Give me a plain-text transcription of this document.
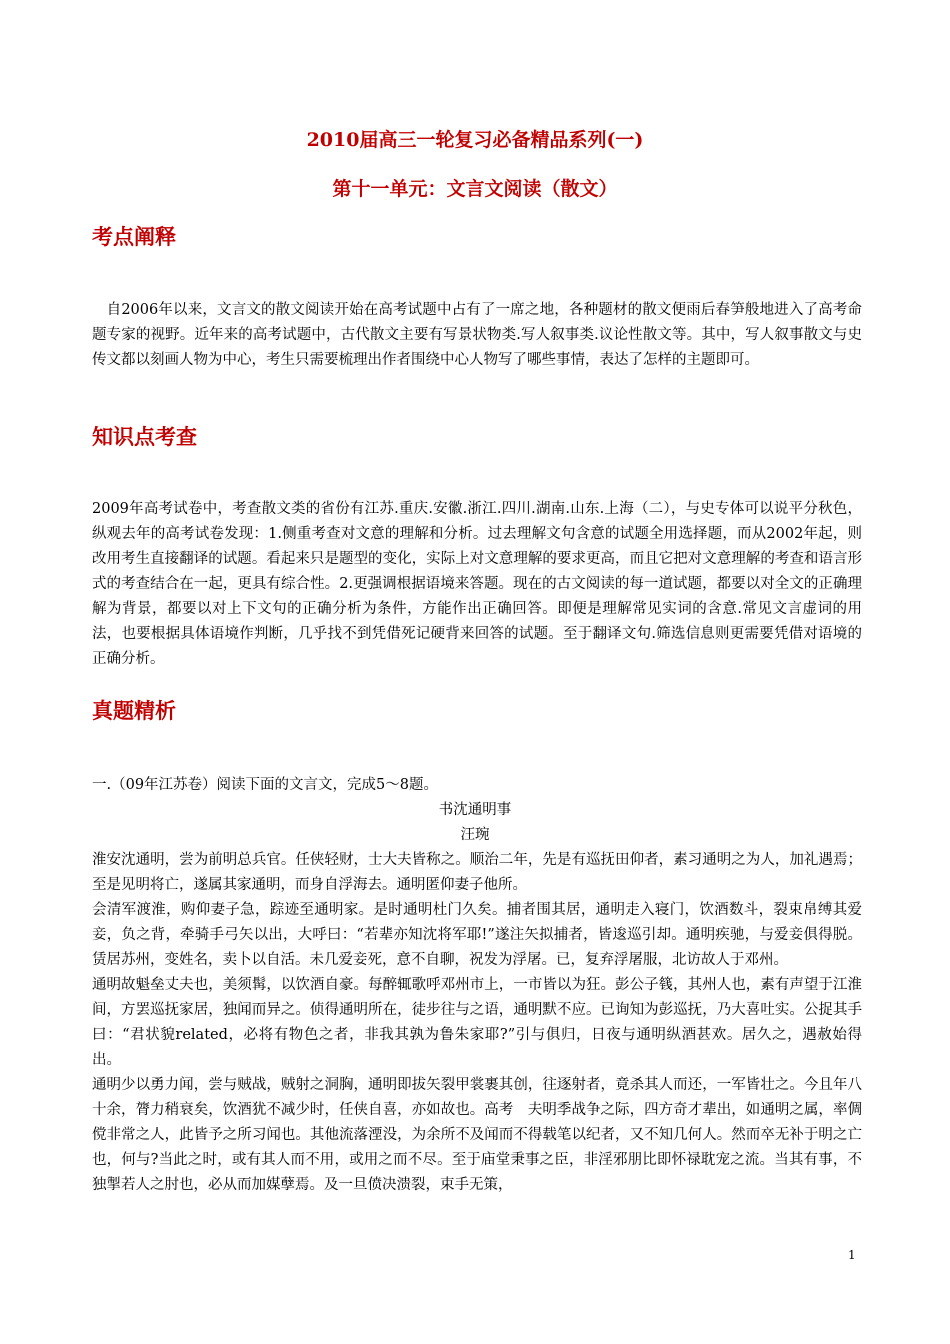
2010届高三一轮复习必备精品系列(一)
第十一单元：文言文阅读（散文）
考点阐释
　自2006年以来，文言文的散文阅读开始在高考试题中占有了一席之地，各种题材的散文便雨后春笋般地进入了高考命题专家的视野。近年来的高考试题中，古代散文主要有写景状物类.写人叙事类.议论性散文等。其中，写人叙事散文与史传文都以刻画人物为中心，考生只需要梳理出作者围绕中心人物写了哪些事情，表达了怎样的主题即可。
知识点考查
2009年高考试卷中，考查散文类的省份有江苏.重庆.安徽.浙江.四川.湖南.山东.上海（二），与史专体可以说平分秋色，纵观去年的高考试卷发现：1.侧重考查对文意的理解和分析。过去理解文句含意的试题全用选择题，而从2002年起，则改用考生直接翻译的试题。看起来只是题型的变化，实际上对文意理解的要求更高，而且它把对文意理解的考查和语言形式的考查结合在一起，更具有综合性。2.更强调根据语境来答题。现在的古文阅读的每一道试题，都要以对全文的正确理解为背景，都要以对上下文句的正确分析为条件，方能作出正确回答。即便是理解常见实词的含意.常见文言虚词的用法，也要根据具体语境作判断，几乎找不到凭借死记硬背来回答的试题。至于翻译文句.筛选信息则更需要凭借对语境的正确分析。
真题精析
一.（09年江苏卷）阅读下面的文言文，完成5～8题。
书沈通明事
汪琬
淮安沈通明，尝为前明总兵官。任侠轻财，士大夫皆称之。顺治二年，先是有巡抚田仰者，素习通明之为人，加礼遇焉；至是见明将亡，遂属其家通明，而身自浮海去。通明匿仰妻子他所。
会清军渡淮，购仰妻子急，踪迹至通明家。是时通明杜门久矣。捕者围其居，通明走入寝门，饮酒数斗，裂束帛缚其爱妾，负之背，牵骑手弓矢以出，大呼曰：“若辈亦知沈将军耶!”遂注矢拟捕者，皆逡巡引却。通明疾驰，与爱妾俱得脱。赁居苏州，变姓名，卖卜以自活。未几爱妾死，意不自聊，祝发为浮屠。已，复弃浮屠服，北访故人于邓州。
通明故魁垒丈夫也，美须髯，以饮酒自豪。每醉辄歌呼邓州市上，一市皆以为狂。彭公子篯，其州人也，素有声望于江淮间，方罢巡抚家居，独闻而异之。侦得通明所在，徒步往与之语，通明默不应。已询知为彭巡抚，乃大喜吐实。公捉其手曰：“君状貌related，必将有物色之者，非我其孰为鲁朱家耶?”引与俱归，日夜与通明纵酒甚欢。居久之，遇赦始得出。
通明少以勇力闻，尝与贼战，贼射之洞胸，通明即拔矢裂甲裳裹其创，往逐射者，竟杀其人而还，一军皆壮之。今且年八十余，膂力稍衰矣，饮酒犹不减少时，任侠自喜，亦如故也。高考　夫明季战争之际，四方奇才辈出，如通明之属，率倜傥非常之人，此皆予之所习闻也。其他流落湮没，为余所不及闻而不得载笔以纪者，又不知几何人。然而卒无补于明之亡也，何与?当此之时，或有其人而不用，或用之而不尽。至于庙堂秉事之臣，非淫邪朋比即怀禄耽宠之流。当其有事，不独掣若人之肘也，必从而加媒孽焉。及一旦偾决溃裂，束手无策，
1
